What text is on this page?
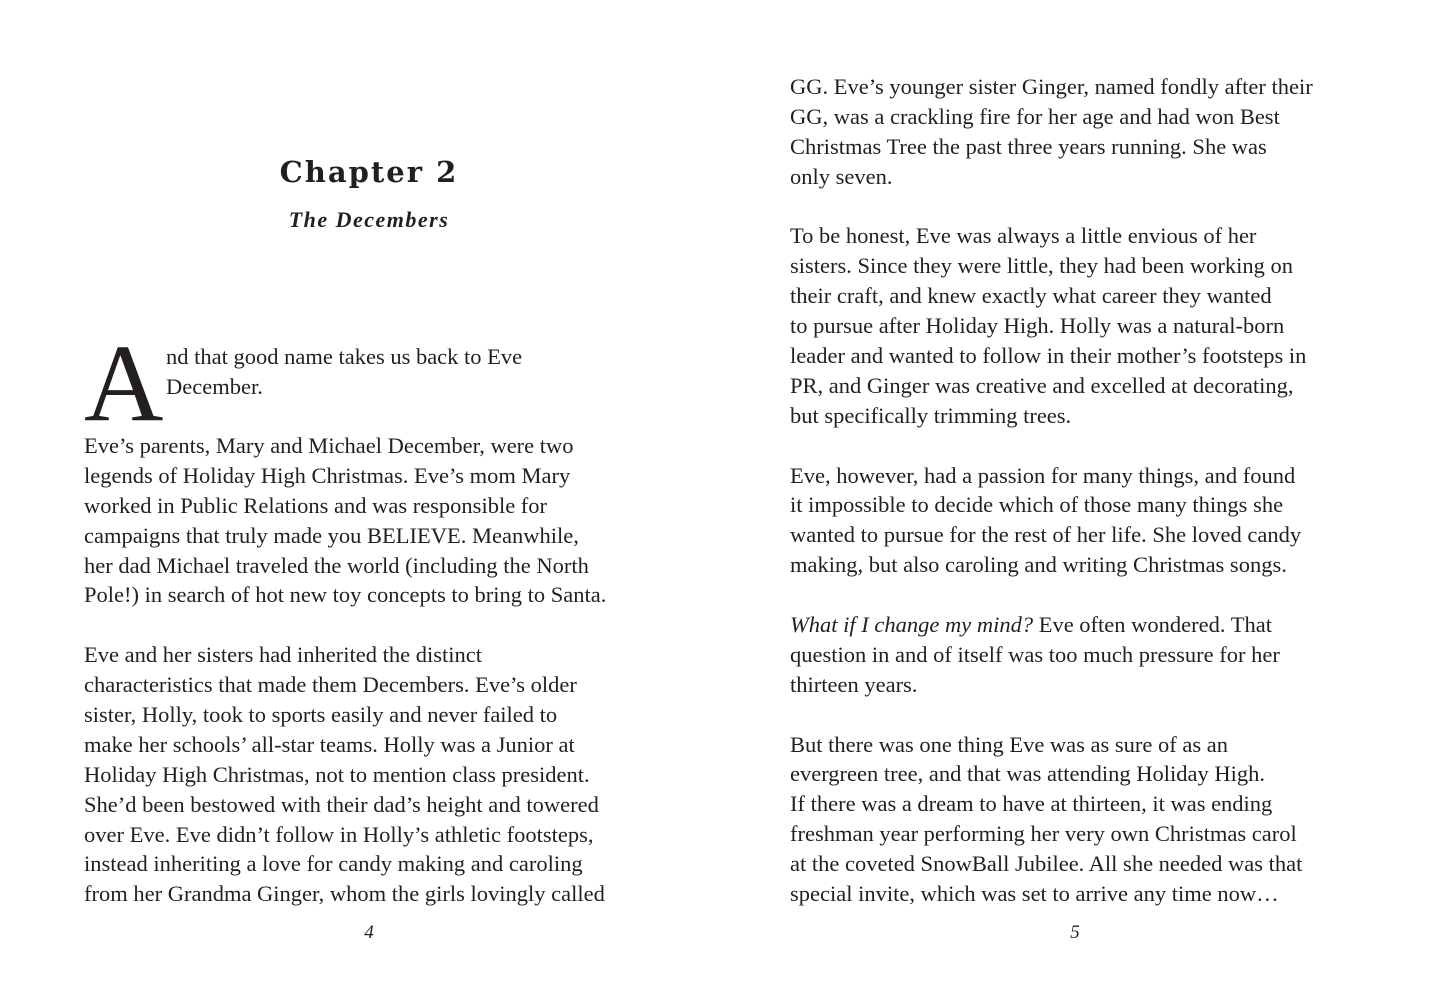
Chapter 2
The Decembers
A nd that good name takes us back to Eve
December.
Eve’s parents, Mary and Michael December, were two
legends of Holiday High Christmas. Eve’s mom Mary
worked in Public Relations and was responsible for
campaigns that truly made you BELIEVE. Meanwhile,
her dad Michael traveled the world (including the North
Pole!) in search of hot new toy concepts to bring to Santa.
Eve and her sisters had inherited the distinct
characteristics that made them Decembers. Eve’s older
sister, Holly, took to sports easily and never failed to
make her schools’ all-star teams. Holly was a Junior at
Holiday High Christmas, not to mention class president.
She’d been bestowed with their dad’s height and towered
over Eve. Eve didn’t follow in Holly’s athletic footsteps,
instead inheriting a love for candy making and caroling
from her Grandma Ginger, whom the girls lovingly called
4
GG. Eve’s younger sister Ginger, named fondly after their
GG, was a crackling fire for her age and had won Best
Christmas Tree the past three years running. She was
only seven.
To be honest, Eve was always a little envious of her
sisters. Since they were little, they had been working on
their craft, and knew exactly what career they wanted
to pursue after Holiday High. Holly was a natural-born
leader and wanted to follow in their mother’s footsteps in
PR, and Ginger was creative and excelled at decorating,
but specifically trimming trees.
Eve, however, had a passion for many things, and found
it impossible to decide which of those many things she
wanted to pursue for the rest of her life. She loved candy
making, but also caroling and writing Christmas songs.
What if I change my mind? Eve often wondered. That
question in and of itself was too much pressure for her
thirteen years.
But there was one thing Eve was as sure of as an
evergreen tree, and that was attending Holiday High.
If there was a dream to have at thirteen, it was ending
freshman year performing her very own Christmas carol
at the coveted SnowBall Jubilee. All she needed was that
special invite, which was set to arrive any time now…
5
